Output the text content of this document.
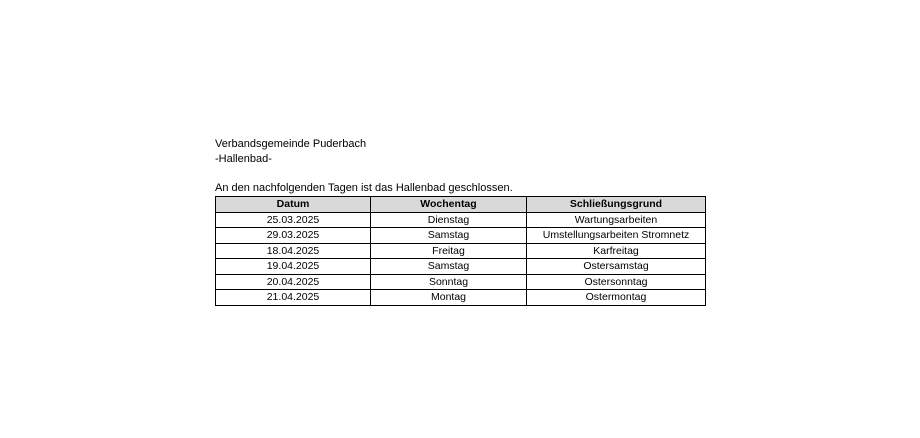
Verbandsgemeinde Puderbach
-Hallenbad-
An den nachfolgenden Tagen ist das Hallenbad geschlossen.
Datum	Wochentag	Schließungsgrund
25.03.2025	Dienstag	Wartungsarbeiten
29.03.2025	Samstag	Umstellungsarbeiten Stromnetz
18.04.2025	Freitag	Karfreitag
19.04.2025	Samstag	Ostersamstag
20.04.2025	Sonntag	Ostersonntag
21.04.2025	Montag	Ostermontag
